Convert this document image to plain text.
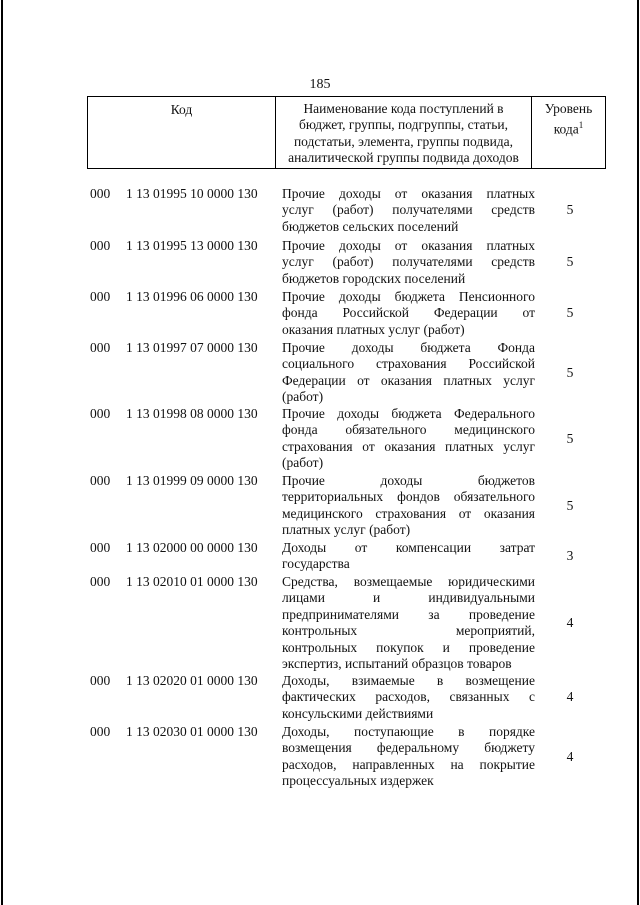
185
Код	Наименование кода поступлений в
бюджет, группы, подгруппы, статьи,
подстатьи, элемента, группы подвида,
аналитической группы подвида доходов
Уровень
кода$^1$
000	1 13 01995 10 0000 130	Прочие доходы от оказания платных
услуг (работ) получателями средств
бюджетов сельских поселений
5
000	1 13 01995 13 0000 130	Прочие доходы от оказания платных
услуг (работ) получателями средств
бюджетов городских поселений
5
000	1 13 01996 06 0000 130	Прочие доходы бюджета Пенсионного
фонда Российской Федерации от
оказания платных услуг (работ)
5
000	1 13 01997 07 0000 130	Прочие доходы бюджета Фонда
социального страхования Российской
Федерации от оказания платных услуг
(работ)
5
000	1 13 01998 08 0000 130	Прочие доходы бюджета Федерального
фонда обязательного медицинского
страхования от оказания платных услуг
(работ)
5
000	1 13 01999 09 0000 130	Прочие доходы бюджетов
территориальных фондов обязательного
медицинского страхования от оказания
платных услуг (работ)
5
000	1 13 02000 00 0000 130	Доходы от компенсации затрат
государства
3
000	1 13 02010 01 0000 130	Средства, возмещаемые юридическими
лицами и индивидуальными
предпринимателями за проведение
контрольных мероприятий,
контрольных покупок и проведение
экспертиз, испытаний образцов товаров
4
000	1 13 02020 01 0000 130	Доходы, взимаемые в возмещение
фактических расходов, связанных с
консульскими действиями
4
000	1 13 02030 01 0000 130	Доходы, поступающие в порядке
возмещения федеральному бюджету
расходов, направленных на покрытие
процессуальных издержек
4
